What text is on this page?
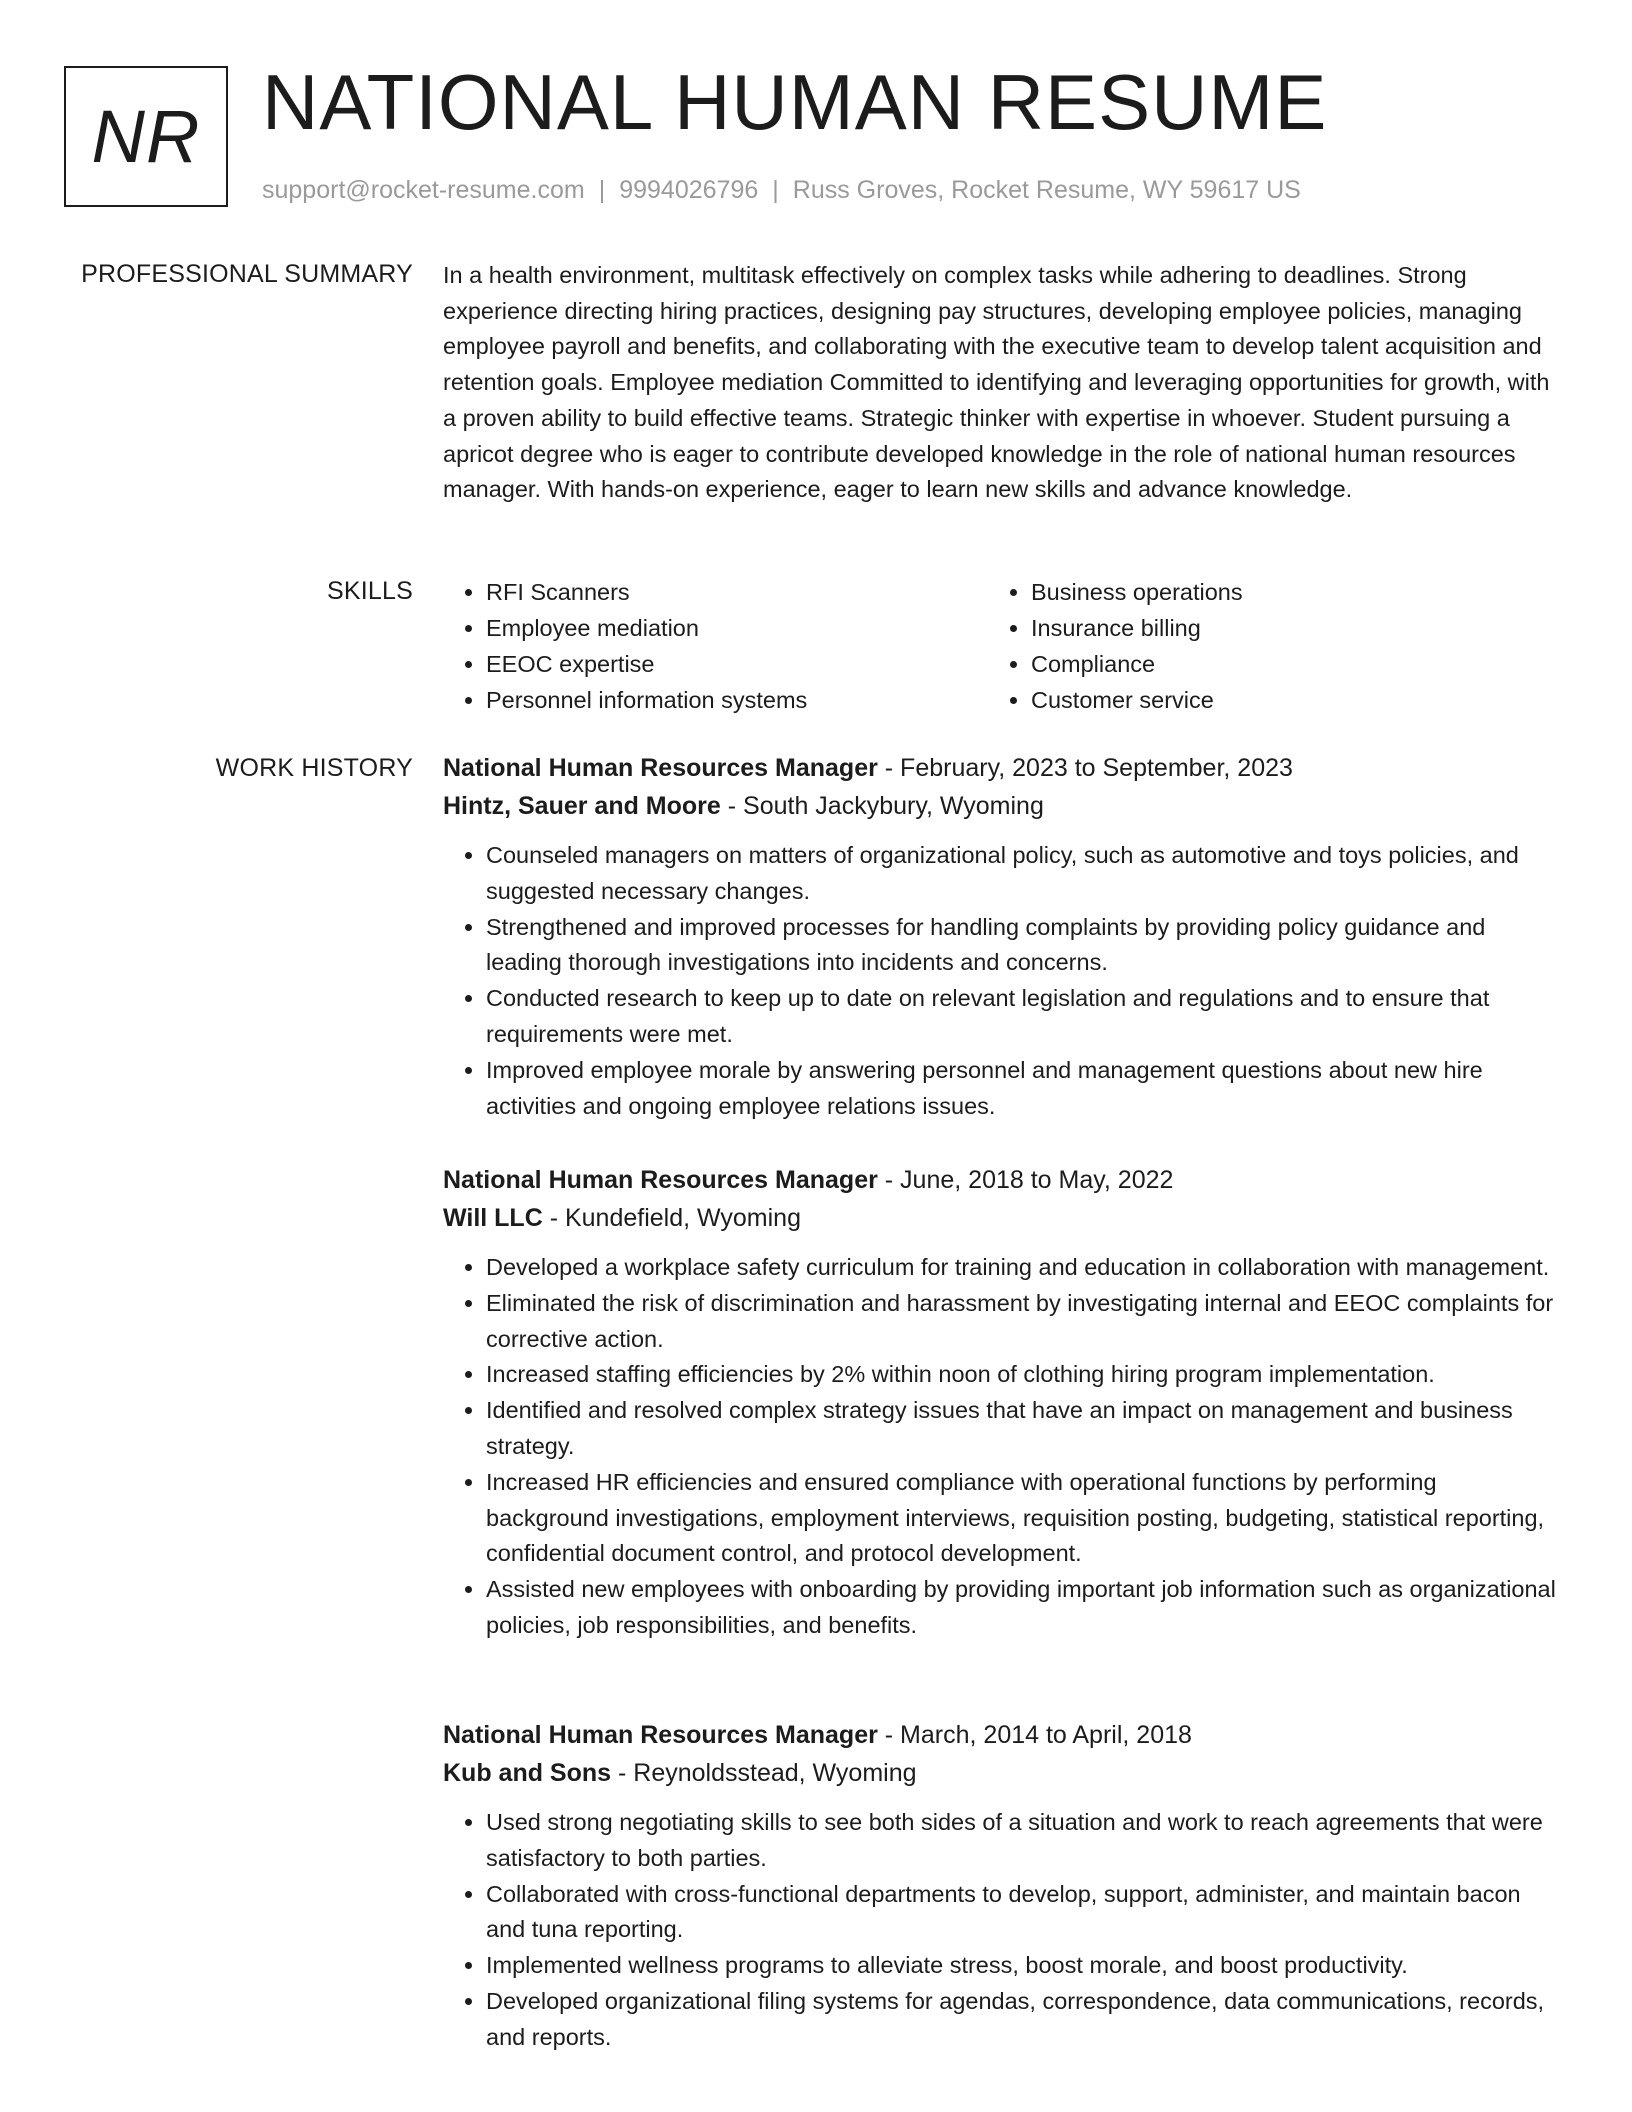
NR NATIONAL HUMAN RESUME
support@rocket-resume.com | 9994026796 | Russ Groves, Rocket Resume, WY 59617 US
PROFESSIONAL SUMMARY In a health environment, multitask effectively on complex tasks while adhering to deadlines. Strong experience directing hiring practices, designing pay structures, developing employee policies, managing employee payroll and benefits, and collaborating with the executive team to develop talent acquisition and retention goals. Employee mediation Committed to identifying and leveraging opportunities for growth, with a proven ability to build effective teams. Strategic thinker with expertise in whoever. Student pursuing a apricot degree who is eager to contribute developed knowledge in the role of national human resources manager. With hands-on experience, eager to learn new skills and advance knowledge.

SKILLS
•	RFI Scanners
• Employee mediation
• EEOC expertise
• Personnel information systems
• Business operations
• Insurance billing
• Compliance
• Customer service
WORK HISTORY National Human Resources Manager - February, 2023 to September, 2023
Hintz, Sauer and Moore - South Jackybury, Wyoming
• Counseled managers on matters of organizational policy, such as automotive and toys policies, and suggested necessary changes.
• Strengthened and improved processes for handling complaints by providing policy guidance and leading thorough investigations into incidents and concerns.
• Conducted research to keep up to date on relevant legislation and regulations and to ensure that requirements were met.
• Improved employee morale by answering personnel and management questions about new hire activities and ongoing employee relations issues.
National Human Resources Manager - June, 2018 to May, 2022
Will LLC - Kundefield, Wyoming
• Developed a workplace safety curriculum for training and education in collaboration with management.
• Eliminated the risk of discrimination and harassment by investigating internal and EEOC complaints for corrective action.
• Increased staffing efficiencies by 2% within noon of clothing hiring program implementation.
• Identified and resolved complex strategy issues that have an impact on management and business strategy.
• Increased HR efficiencies and ensured compliance with operational functions by performing background investigations, employment interviews, requisition posting, budgeting, statistical reporting, confidential document control, and protocol development.
• Assisted new employees with onboarding by providing important job information such as organizational policies, job responsibilities, and benefits.
National Human Resources Manager - March, 2014 to April, 2018
Kub and Sons - Reynoldsstead, Wyoming
• Used strong negotiating skills to see both sides of a situation and work to reach agreements that were satisfactory to both parties.
• Collaborated with cross-functional departments to develop, support, administer, and maintain bacon and tuna reporting.
• Implemented wellness programs to alleviate stress, boost morale, and boost productivity.
• Developed organizational filing systems for agendas, correspondence, data communications, records, and reports.
